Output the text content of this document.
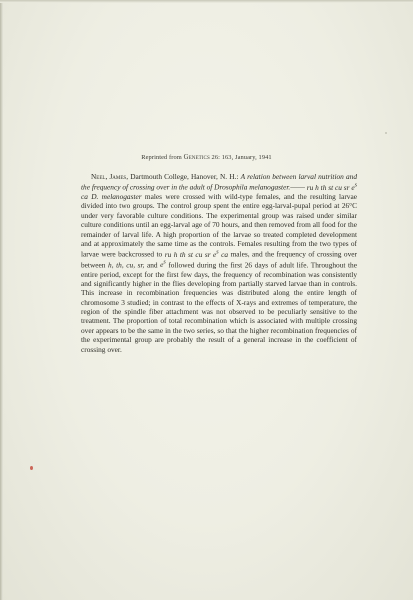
Reprinted from Genetics 26: 163, January, 1941
Neel, James, Dartmouth College, Hanover, N. H.: A relation between larval nutrition and the frequency of crossing over in the adult of Drosophila melanogaster.—— ru h th st cu sr $e^s$ ca D. melanogaster males were crossed with wild-type females, and the resulting larvae divided into two groups. The control group spent the entire egg-larval-pupal period at 26°C under very favorable culture conditions. The experimental group was raised under similar culture conditions until an egg-larval age of 70 hours, and then removed from all food for the remainder of larval life. A high proportion of the larvae so treated completed development and at approximately the same time as the controls. Females resulting from the two types of larvae were backcrossed to ru h th st cu sr $e^s$ ca males, and the frequency of crossing over between h, th, cu, sr, and $e^s$ followed during the first 26 days of adult life. Throughout the entire period, except for the first few days, the frequency of recombination was consistently and significantly higher in the flies developing from partially starved larvae than in controls. This increase in recombination frequencies was distributed along the entire length of chromosome 3 studied; in contrast to the effects of X-rays and extremes of temperature, the region of the spindle fiber attachment was not observed to be peculiarly sensitive to the treatment. The proportion of total recombination which is associated with multiple crossing over appears to be the same in the two series, so that the higher recombination frequencies of the experimental group are probably the result of a general increase in the coefficient of crossing over.
